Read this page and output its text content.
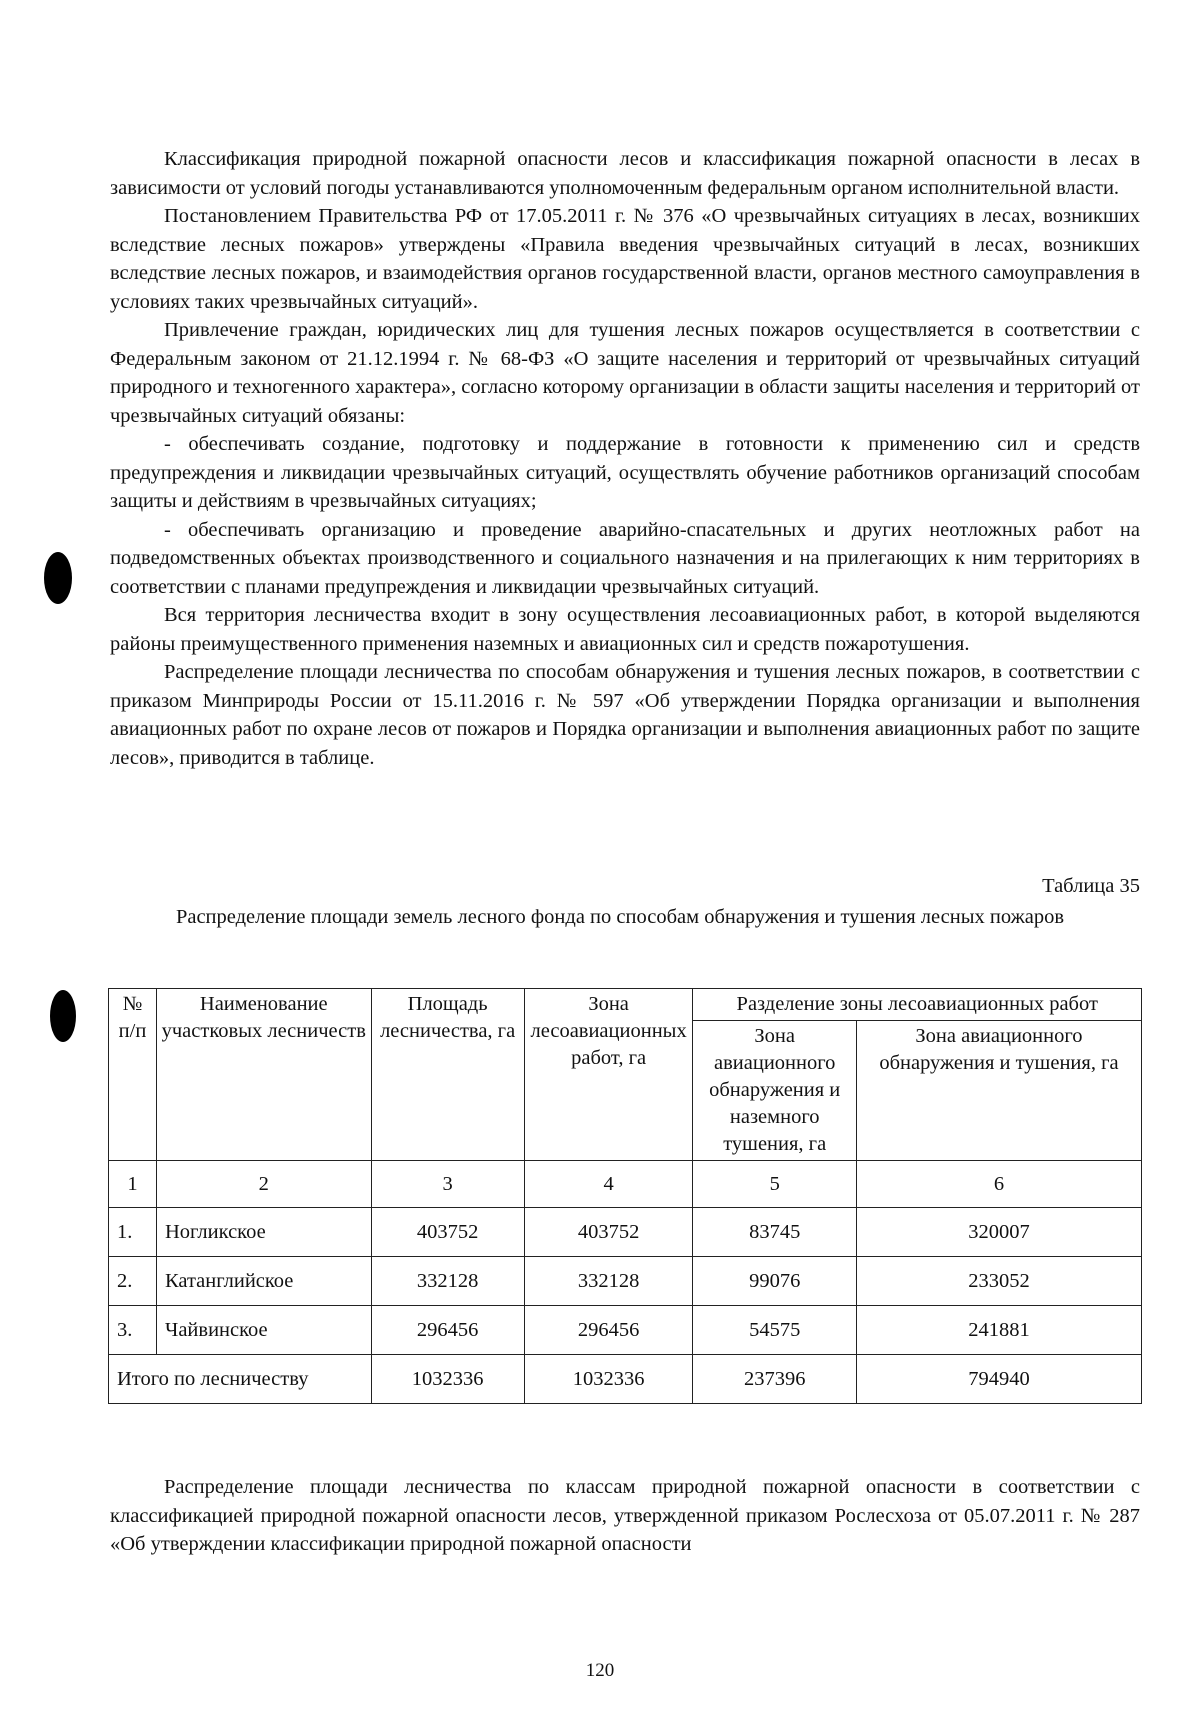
Классификация природной пожарной опасности лесов и классификация пожарной опасности в лесах в зависимости от условий погоды устанавливаются уполномоченным федеральным органом исполнительной власти.

Постановлением Правительства РФ от 17.05.2011 г. № 376 «О чрезвычайных ситуациях в лесах, возникших вследствие лесных пожаров» утверждены «Правила введения чрезвычайных ситуаций в лесах, возникших вследствие лесных пожаров, и взаимодействия органов государственной власти, органов местного самоуправления в условиях таких чрезвычайных ситуаций».

Привлечение граждан, юридических лиц для тушения лесных пожаров осуществляется в соответствии с Федеральным законом от 21.12.1994 г. № 68-ФЗ «О защите населения и территорий от чрезвычайных ситуаций природного и техногенного характера», согласно которому организации в области защиты населения и территорий от чрезвычайных ситуаций обязаны:

- обеспечивать создание, подготовку и поддержание в готовности к применению сил и средств предупреждения и ликвидации чрезвычайных ситуаций, осуществлять обучение работников организаций способам защиты и действиям в чрезвычайных ситуациях;

- обеспечивать организацию и проведение аварийно-спасательных и других неотложных работ на подведомственных объектах производственного и социального назначения и на прилегающих к ним территориях в соответствии с планами предупреждения и ликвидации чрезвычайных ситуаций.

Вся территория лесничества входит в зону осуществления лесоавиационных работ, в которой выделяются районы преимущественного применения наземных и авиационных сил и средств пожаротушения.

Распределение площади лесничества по способам обнаружения и тушения лесных пожаров, в соответствии с приказом Минприроды России от 15.11.2016 г. № 597 «Об утверждении Порядка организации и выполнения авиационных работ по охране лесов от пожаров и Порядка организации и выполнения авиационных работ по защите лесов», приводится в таблице.

Таблица 35
Распределение площади земель лесного фонда по способам обнаружения и тушения лесных пожаров
№ п/п	Наименование участковых лесничеств	Площадь лесничества, га	Зона лесоавиационных работ, га	Разделение зоны лесоавиационных работ	
				Зона авиационного обнаружения и наземного тушения, га	Зона авиационного обнаружения и тушения, га
1	2	3	4	5	6
1.	Ногликское	403752	403752	83745	320007
2.	Катанглийское	332128	332128	99076	233052
3.	Чайвинское	296456	296456	54575	241881
Итого по лесничеству		1032336	1032336	237396	794940

Распределение площади лесничества по классам природной пожарной опасности в соответствии с классификацией природной пожарной опасности лесов, утвержденной приказом Рослесхоза от 05.07.2011 г. № 287 «Об утверждении классификации природной пожарной опасности

120
